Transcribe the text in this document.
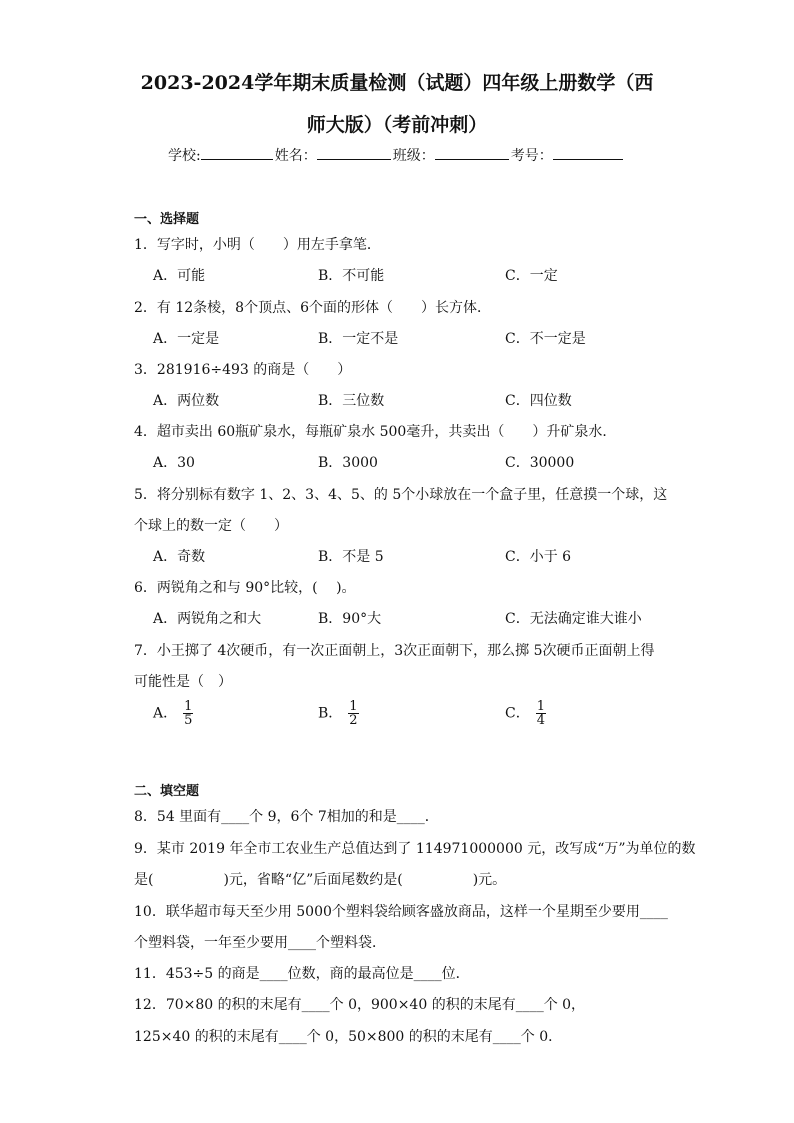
2023-2024学年期末质量检测（试题）四年级上册数学（西
师大版）（考前冲刺）
学校:	姓名：	班级：	考号：
一、选择题
1．写字时，小明（　　）用左手拿笔．
A．可能	B．不可能	C．一定
2．有 12条棱，8个顶点、6个面的形体（　　）长方体．
A．一定是	B．一定不是	C．不一定是
3．281916÷493 的商是（　　）
A．两位数	B．三位数	C．四位数
4．超市卖出 60瓶矿泉水，每瓶矿泉水 500毫升，共卖出（　　）升矿泉水．
A．30	B．3000	C．30000
5．将分别标有数字 1、2、3、4、5、的 5个小球放在一个盒子里，任意摸一个球，这
个球上的数一定（　　）
A．奇数	B．不是 5	C．小于 6
6．两锐角之和与 90°比较，(　 )。
A．两锐角之和大	B．90°大	C．无法确定谁大谁小
7．小王掷了 4次硬币，有一次正面朝上，3次正面朝下，那么掷 5次硬币正面朝上得
可能性是（　）
A． $\frac{1}{5}$	B． $\frac{1}{2}$	C． $\frac{1}{4}$
二、填空题
8．54 里面有____个 9，6个 7相加的和是____．
9．某市 2019 年全市工农业生产总值达到了 114971000000 元，改写成“万”为单位的数
是(　　　　　)元，省略“亿”后面尾数约是(　　　　　)元。
10．联华超市每天至少用 5000个塑料袋给顾客盛放商品，这样一个星期至少要用____
个塑料袋，一年至少要用____个塑料袋．
11．453÷5 的商是____位数，商的最高位是____位．
12．70×80 的积的末尾有____个 0，900×40 的积的末尾有____个 0，
125×40 的积的末尾有____个 0，50×800 的积的末尾有____个 0．
